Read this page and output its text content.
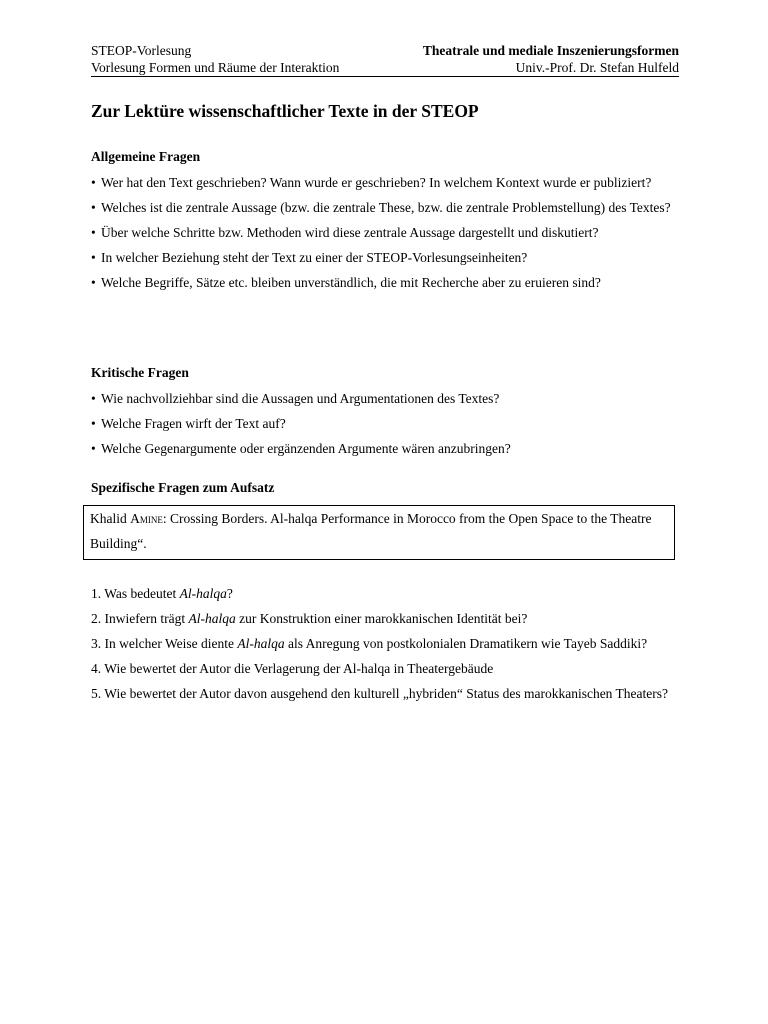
STEOP-Vorlesung	Theatrale und mediale Inszenierungsformen
Vorlesung Formen und Räume der Interaktion	Univ.-Prof. Dr. Stefan Hulfeld
Zur Lektüre wissenschaftlicher Texte in der STEOP
Allgemeine Fragen
• Wer hat den Text geschrieben? Wann wurde er geschrieben? In welchem Kontext wurde er publiziert?
• Welches ist die zentrale Aussage (bzw. die zentrale These, bzw. die zentrale Problemstellung) des Textes?
• Über welche Schritte bzw. Methoden wird diese zentrale Aussage dargestellt und diskutiert?
• In welcher Beziehung steht der Text zu einer der STEOP-Vorlesungseinheiten?
• Welche Begriffe, Sätze etc. bleiben unverständlich, die mit Recherche aber zu eruieren sind?
Kritische Fragen
• Wie nachvollziehbar sind die Aussagen und Argumentationen des Textes?
• Welche Fragen wirft der Text auf?
• Welche Gegenargumente oder ergänzenden Argumente wären anzubringen?
Spezifische Fragen zum Aufsatz
Khalid Amine: Crossing Borders. Al-halqa Performance in Morocco from the Open Space to the Theatre Building“.
1. Was bedeutet Al-halqa?
2. Inwiefern trägt Al-halqa zur Konstruktion einer marokkanischen Identität bei?
3. In welcher Weise diente Al-halqa als Anregung von postkolonialen Dramatikern wie Tayeb Saddiki?
4. Wie bewertet der Autor die Verlagerung der Al-halqa in Theatergebäude
5. Wie bewertet der Autor davon ausgehend den kulturell „hybriden“ Status des marokkanischen Theaters?
